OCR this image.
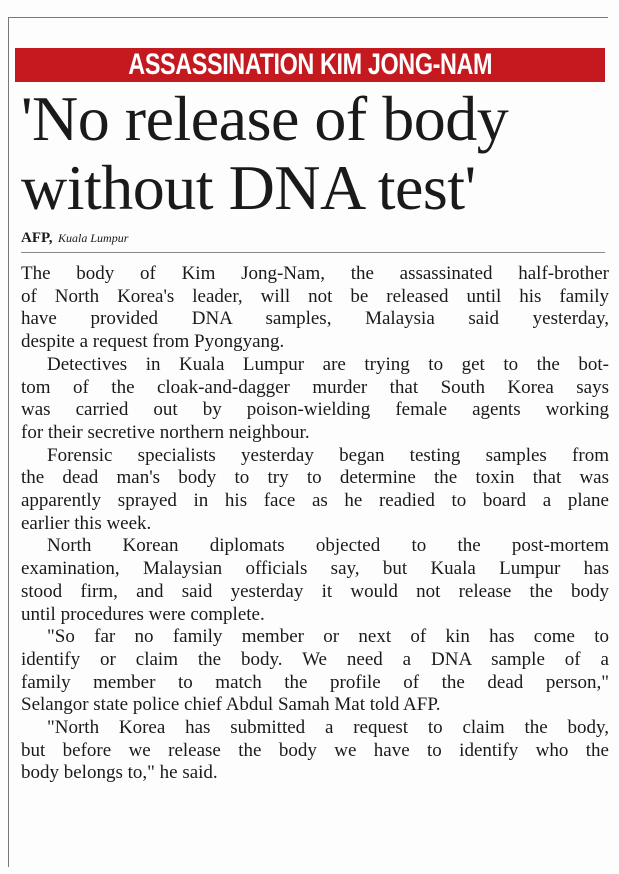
ASSASSINATION KIM JONG-NAM
'No release of body
without DNA test'
AFP, Kuala Lumpur

The body of Kim Jong-Nam, the assassinated half-brother
of North Korea's leader, will not be released until his family
have provided DNA samples, Malaysia said yesterday,
despite a request from Pyongyang.

Detectives in Kuala Lumpur are trying to get to the bot-
tom of the cloak-and-dagger murder that South Korea says
was carried out by poison-wielding female agents working
for their secretive northern neighbour.

Forensic specialists yesterday began testing samples from
the dead man's body to try to determine the toxin that was
apparently sprayed in his face as he readied to board a plane
earlier this week.

North Korean diplomats objected to the post-mortem
examination, Malaysian officials say, but Kuala Lumpur has
stood firm, and said yesterday it would not release the body
until procedures were complete.

"So far no family member or next of kin has come to
identify or claim the body. We need a DNA sample of a
family member to match the profile of the dead person,"
Selangor state police chief Abdul Samah Mat told AFP.

"North Korea has submitted a request to claim the body,
but before we release the body we have to identify who the
body belongs to," he said.
